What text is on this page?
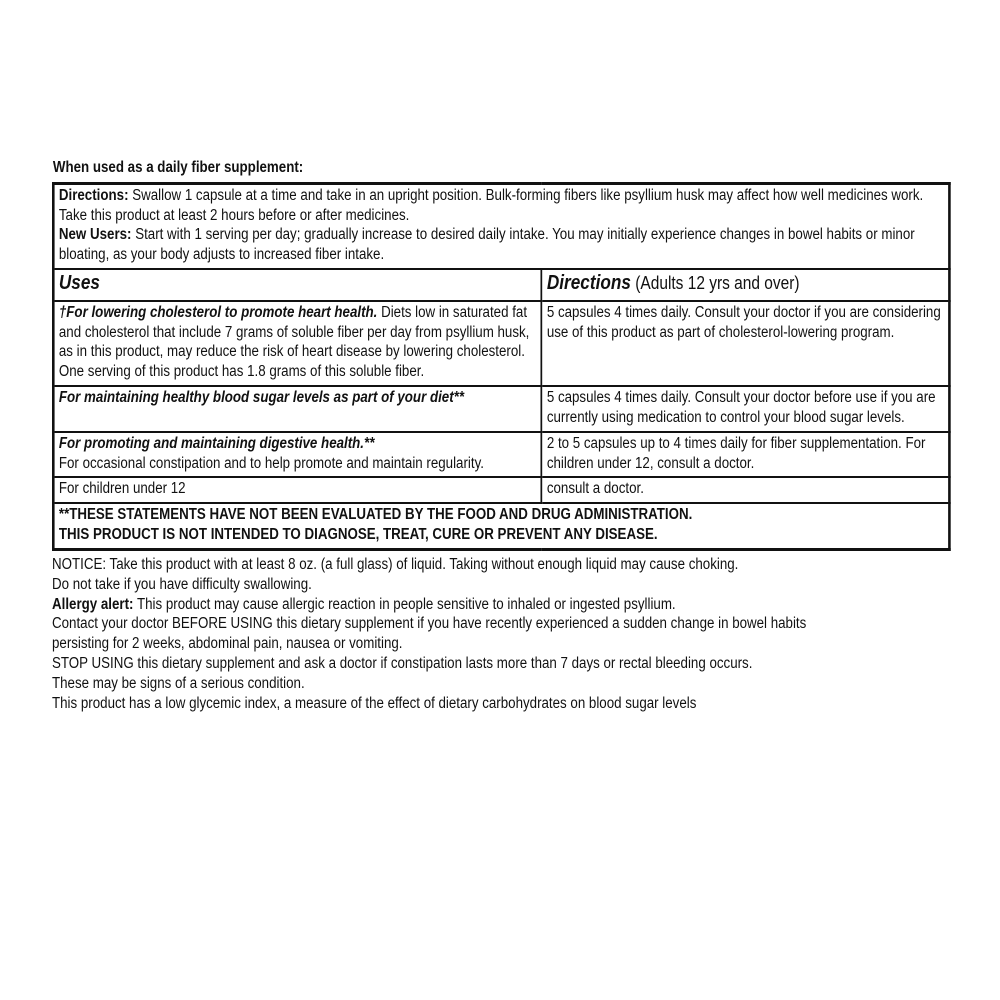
When used as a daily fiber supplement:
Directions: Swallow 1 capsule at a time and take in an upright position. Bulk-forming fibers like psyllium husk may affect how well medicines work. Take this product at least 2 hours before or after medicines.
New Users: Start with 1 serving per day; gradually increase to desired daily intake. You may initially experience changes in bowel habits or minor bloating, as your body adjusts to increased fiber intake.	
Uses	Directions (Adults 12 yrs and over)
†For lowering cholesterol to promote heart health. Diets low in saturated fat and cholesterol that include 7 grams of soluble fiber per day from psyllium husk, as in this product, may reduce the risk of heart disease by lowering cholesterol. One serving of this product has 1.8 grams of this soluble fiber.	5 capsules 4 times daily. Consult your doctor if you are considering use of this product as part of cholesterol-lowering program.
For maintaining healthy blood sugar levels as part of your diet**	5 capsules 4 times daily. Consult your doctor before use if you are currently using medication to control your blood sugar levels.
For promoting and maintaining digestive health.**
For occasional constipation and to help promote and maintain regularity.	2 to 5 capsules up to 4 times daily for fiber supplementation. For children under 12, consult a doctor.
For children under 12	consult a doctor.
**THESE STATEMENTS HAVE NOT BEEN EVALUATED BY THE FOOD AND DRUG ADMINISTRATION.
THIS PRODUCT IS NOT INTENDED TO DIAGNOSE, TREAT, CURE OR PREVENT ANY DISEASE.	

NOTICE: Take this product with at least 8 oz. (a full glass) of liquid. Taking without enough liquid may cause choking.

Do not take if you have difficulty swallowing.

Allergy alert: This product may cause allergic reaction in people sensitive to inhaled or ingested psyllium.

Contact your doctor BEFORE USING this dietary supplement if you have recently experienced a sudden change in bowel habits persisting for 2 weeks, abdominal pain, nausea or vomiting.

STOP USING this dietary supplement and ask a doctor if constipation lasts more than 7 days or rectal bleeding occurs.

These may be signs of a serious condition.

This product has a low glycemic index, a measure of the effect of dietary carbohydrates on blood sugar levels
